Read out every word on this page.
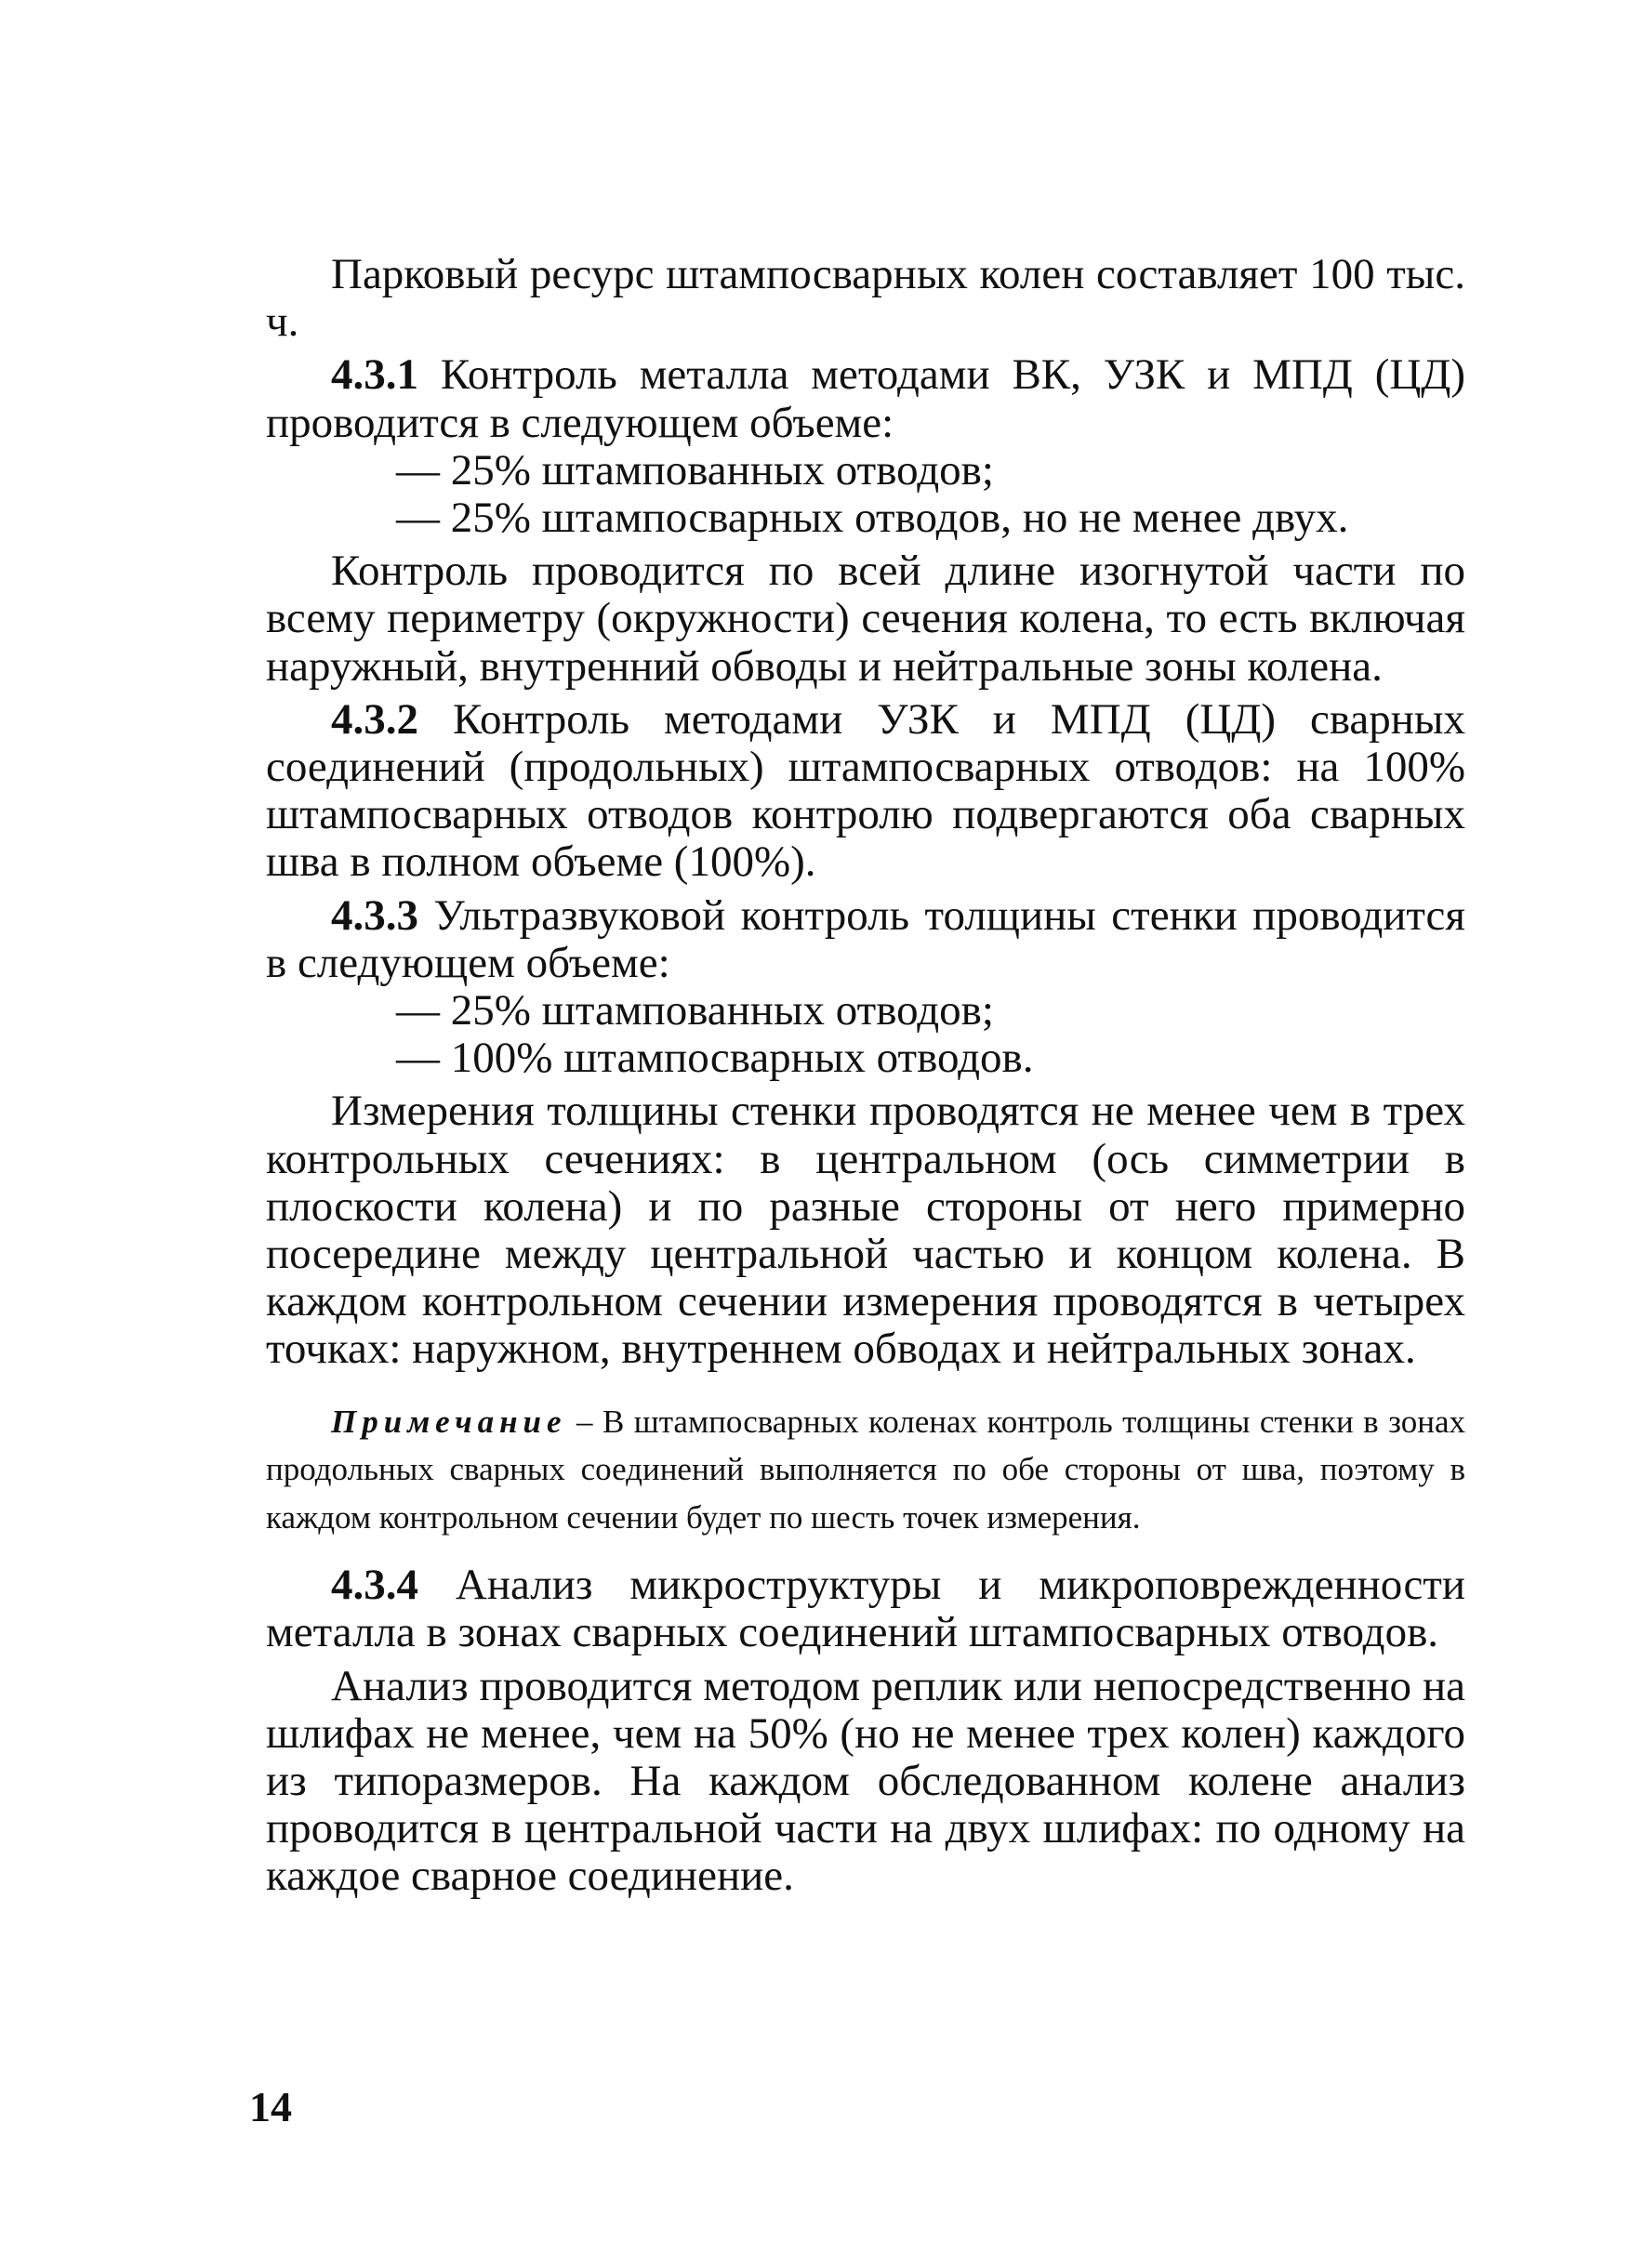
Парковый ресурс штампосварных колен составляет 100 тыс. ч.

4.3.1 Контроль металла методами ВК, УЗК и МПД (ЦД) проводится в следующем объеме:

— 25% штампованных отводов;

— 25% штампосварных отводов, но не менее двух.

Контроль проводится по всей длине изогнутой части по всему периметру (окружности) сечения колена, то есть включая наружный, внутренний обводы и нейтральные зоны колена.

4.3.2 Контроль методами УЗК и МПД (ЦД) сварных соединений (продольных) штампосварных отводов: на 100% штампосварных отводов контролю подвергаются оба сварных шва в полном объеме (100%).

4.3.3 Ультразвуковой контроль толщины стенки проводится в следующем объеме:

— 25% штампованных отводов;

— 100% штампосварных отводов.

Измерения толщины стенки проводятся не менее чем в трех контрольных сечениях: в центральном (ось симметрии в плоскости колена) и по разные стороны от него примерно посередине между центральной частью и концом колена. В каждом контрольном сечении измерения проводятся в четырех точках: наружном, внутреннем обводах и нейтральных зонах.

Примечание – В штампосварных коленах контроль толщины стенки в зонах продольных сварных соединений выполняется по обе стороны от шва, поэтому в каждом контрольном сечении будет по шесть точек измерения.

4.3.4 Анализ микроструктуры и микроповрежденности металла в зонах сварных соединений штампосварных отводов.

Анализ проводится методом реплик или непосредственно на шлифах не менее, чем на 50% (но не менее трех колен) каждого из типоразмеров. На каждом обследованном колене анализ проводится в центральной части на двух шлифах: по одному на каждое сварное соединение.

14
